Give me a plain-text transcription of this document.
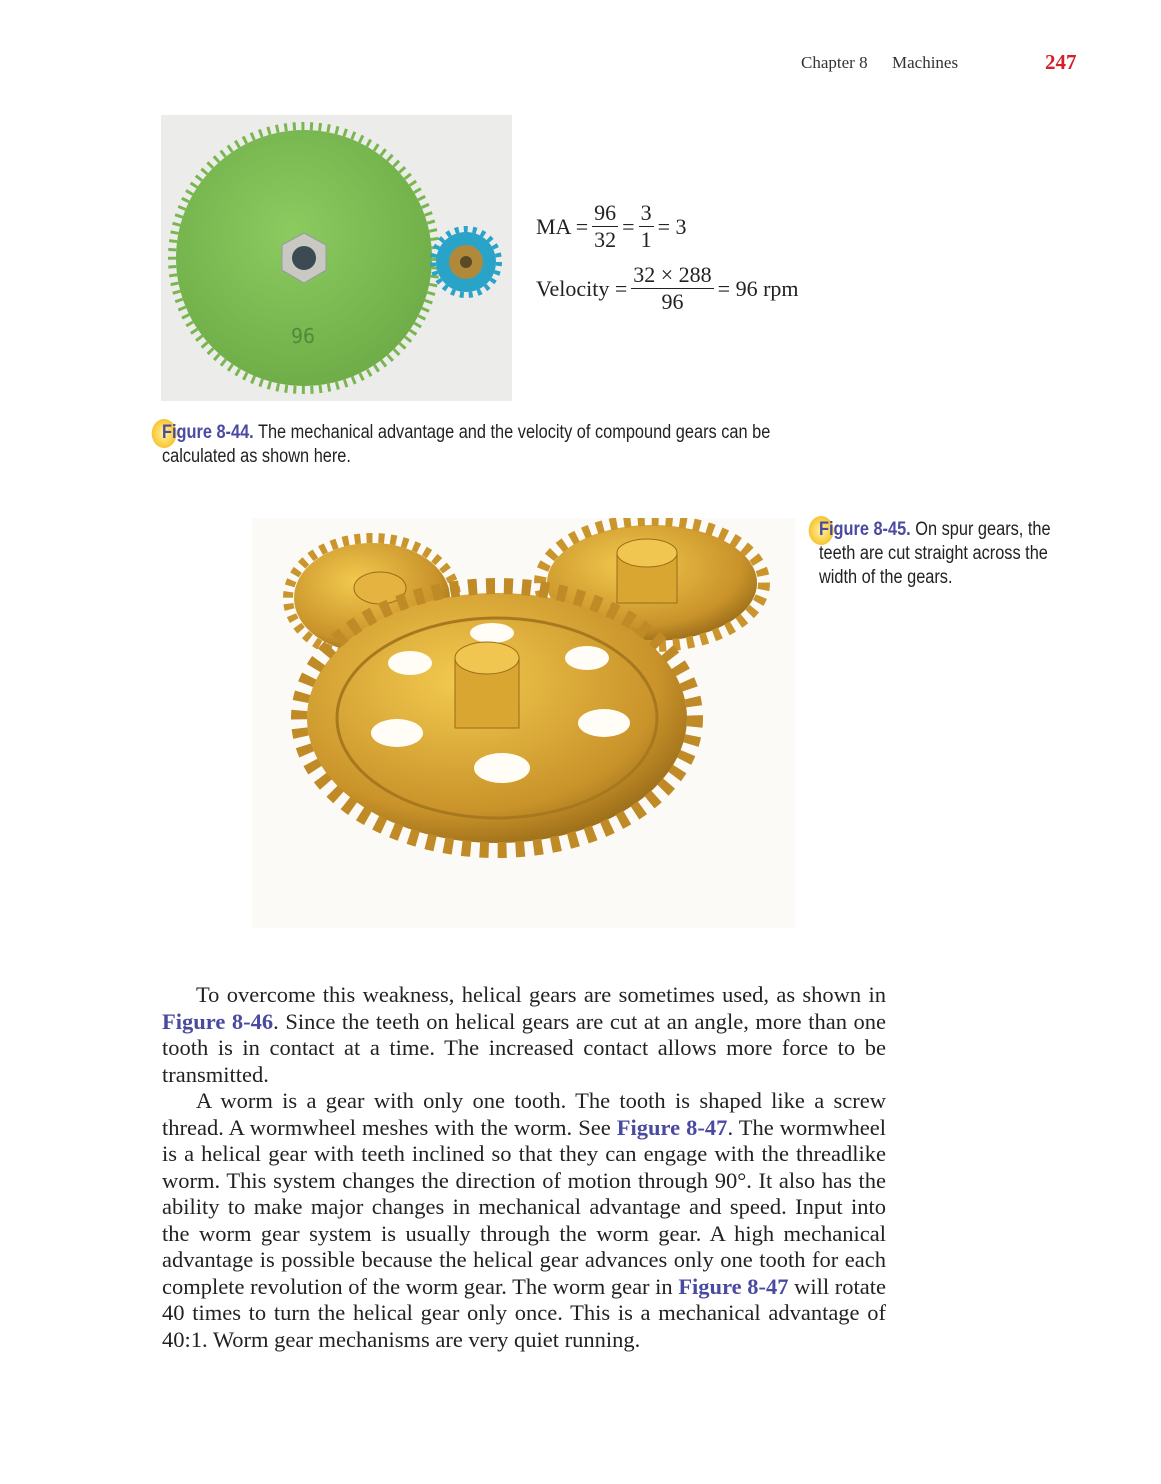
Chapter 8 Machines	247
96
MA = $\frac{96}{32} = \frac{3}{1} = 3$
Velocity = $\frac{32 \times 288}{96} = 96$ rpm
Figure 8-44. The mechanical advantage and the velocity of compound gears can be calculated as shown here.
Figure 8-45. On spur gears, the teeth are cut straight across the width of the gears.

To overcome this weakness, helical gears are sometimes used, as shown in Figure 8-46. Since the teeth on helical gears are cut at an angle, more than one tooth is in contact at a time. The increased contact allows more force to be transmitted.

A worm is a gear with only one tooth. The tooth is shaped like a screw thread. A wormwheel meshes with the worm. See Figure 8-47. The wormwheel is a helical gear with teeth inclined so that they can engage with the threadlike worm. This system changes the direction of motion through 90°. It also has the ability to make major changes in mechanical advantage and speed. Input into the worm gear system is usually through the worm gear. A high mechanical advantage is possible because the helical gear advances only one tooth for each complete revolution of the worm gear. The worm gear in Figure 8-47 will rotate 40 times to turn the helical gear only once. This is a mechanical advantage of 40:1. Worm gear mechanisms are very quiet running.
